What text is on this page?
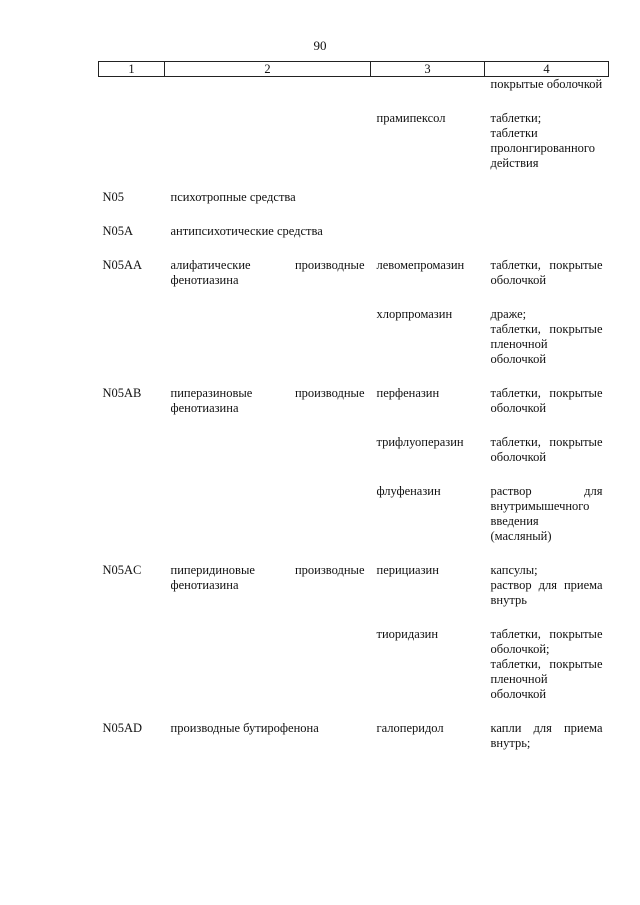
90
1	2	3	4

			покрытые оболочкой

		прамипексол	таблетки;
таблетки пролонгированного действия

N05	психотропные средства		
N05A	антипсихотические средства		
N05AA	алифатические производные фенотиазина	левомепромазин	таблетки, покрытые оболочкой

		хлорпромазин	драже;
таблетки, покрытые пленочной оболочкой

N05AB	пиперазиновые производные фенотиазина	перфеназин	таблетки, покрытые оболочкой

		трифлуоперазин	таблетки, покрытые оболочкой

		флуфеназин	раствор для внутримышечного введения (масляный)

N05AC	пиперидиновые производные фенотиазина	перициазин	капсулы;
раствор для приема внутрь

		тиоридазин	таблетки, покрытые оболочкой;
таблетки, покрытые пленочной оболочкой

N05AD	производные бутирофенона	галоперидол	капли для приема внутрь;
